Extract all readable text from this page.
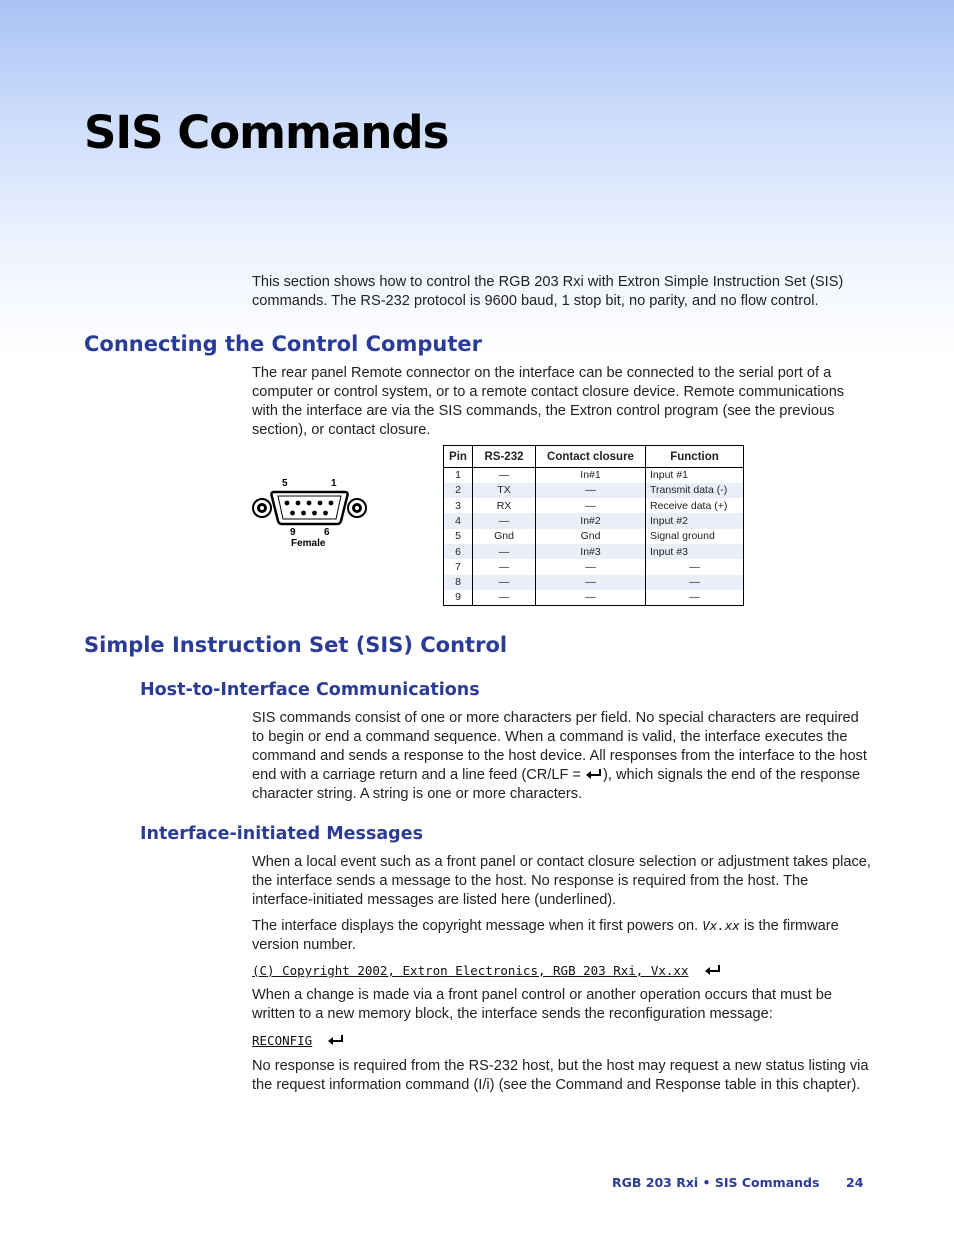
SIS Commands
This section shows how to control the RGB 203 Rxi with Extron Simple Instruction Set (SIS) commands. The RS-232 protocol is 9600 baud, 1 stop bit, no parity, and no flow control.
Connecting the Control Computer
The rear panel Remote connector on the interface can be connected to the serial port of a computer or control system, or to a remote contact closure device. Remote communications with the interface are via the SIS commands, the Extron control program (see the previous section), or contact closure.
5	1
9	6
Female
Pin	RS-232	Contact closure	Function
1	—	In#1	Input #1
2	TX	—	Transmit data (-)
3	RX	—	Receive data (+)
4	—	In#2	Input #2
5	Gnd	Gnd	Signal ground
6	—	In#3	Input #3
7	—	—	—
8	—	—	—
9	—	—	—
Simple Instruction Set (SIS) Control
Host-to-Interface Communications
SIS commands consist of one or more characters per field. No special characters are required to begin or end a command sequence. When a command is valid, the interface executes the command and sends a response to the host device. All responses from the interface to the host end with a carriage return and a line feed (CR/LF = ), which signals the end of the response character string. A string is one or more characters.
Interface-initiated Messages
When a local event such as a front panel or contact closure selection or adjustment takes place, the interface sends a message to the host. No response is required from the host. The interface-initiated messages are listed here (underlined).
The interface displays the copyright message when it first powers on. Vx.xx is the firmware version number.
(C) Copyright 2002, Extron Electronics, RGB 203 Rxi, Vx.xx
When a change is made via a front panel control or another operation occurs that must be written to a new memory block, the interface sends the reconfiguration message:
RECONFIG
No response is required from the RS-232 host, but the host may request a new status listing via the request information command (I/i) (see the Command and Response table in this chapter).
RGB 203 Rxi • SIS Commands 24
